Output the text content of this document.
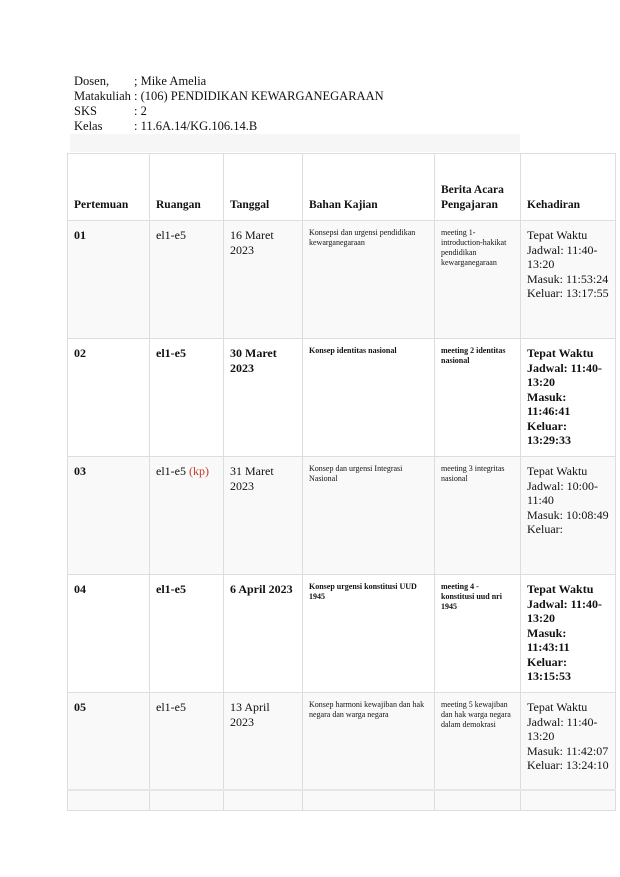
Dosen,	; Mike Amelia
Matakuliah : (106) PENDIDIKAN KEWARGANEGARAAN
SKS	: 2
Kelas	: 11.6A.14/KG.106.14.B
Pertemuan	Ruangan	Tanggal	Bahan Kajian	Berita Acara Pengajaran	Kehadiran
01	el1-e5	16 Maret 2023	Konsepsi dan urgensi pendidikan kewarganegaraan	meeting 1-introduction-hakikat pendidikan kewarganegaraan	Tepat Waktu
Jadwal: 11:40-13:20
Masuk: 11:53:24
Keluar: 13:17:55

02	el1-e5	30 Maret 2023	Konsep identitas nasional	meeting 2 identitas nasional	Tepat Waktu
Jadwal: 11:40-13:20
Masuk: 11:46:41
Keluar: 13:29:33

03	el1-e5 (kp)	31 Maret 2023	Konsep dan urgensi Integrasi Nasional	meeting 3 integritas nasional	Tepat Waktu
Jadwal: 10:00-11:40
Masuk: 10:08:49
Keluar:

04	el1-e5	6 April 2023	Konsep urgensi konstitusi UUD 1945	meeting 4 - konstitusi uud nri 1945	Tepat Waktu
Jadwal: 11:40-13:20
Masuk: 11:43:11
Keluar: 13:15:53

05	el1-e5	13 April 2023	Konsep harmoni kewajiban dan hak negara dan warga negara	meeting 5 kewajiban dan hak warga negara dalam demokrasi	Tepat Waktu
Jadwal: 11:40-13:20
Masuk: 11:42:07
Keluar: 13:24:10
